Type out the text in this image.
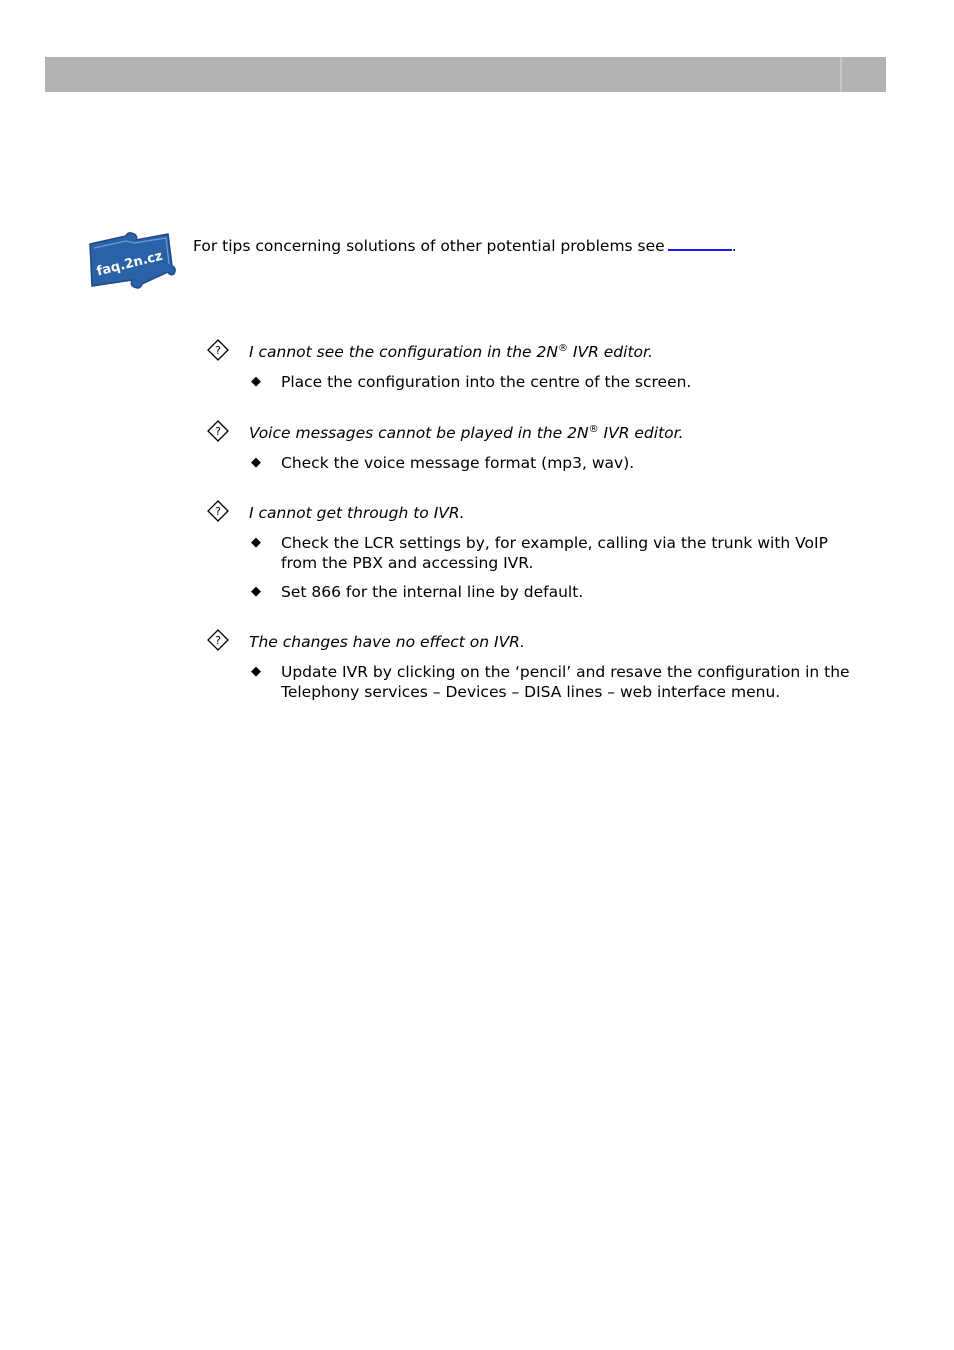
faq.2n.cz
For tips concerning solutions of other potential problems see	.
? I cannot see the configuration in the 2N® IVR editor.
◆ Place the configuration into the centre of the screen.
? Voice messages cannot be played in the 2N® IVR editor.
◆ Check the voice message format (mp3, wav).
? I cannot get through to IVR.
◆ Check the LCR settings by, for example, calling via the trunk with VoIP
from the PBX and accessing IVR.
◆ Set 866 for the internal line by default.
? The changes have no effect on IVR.
◆ Update IVR by clicking on the ‘pencil’ and resave the configuration in the
Telephony services – Devices – DISA lines – web interface menu.
